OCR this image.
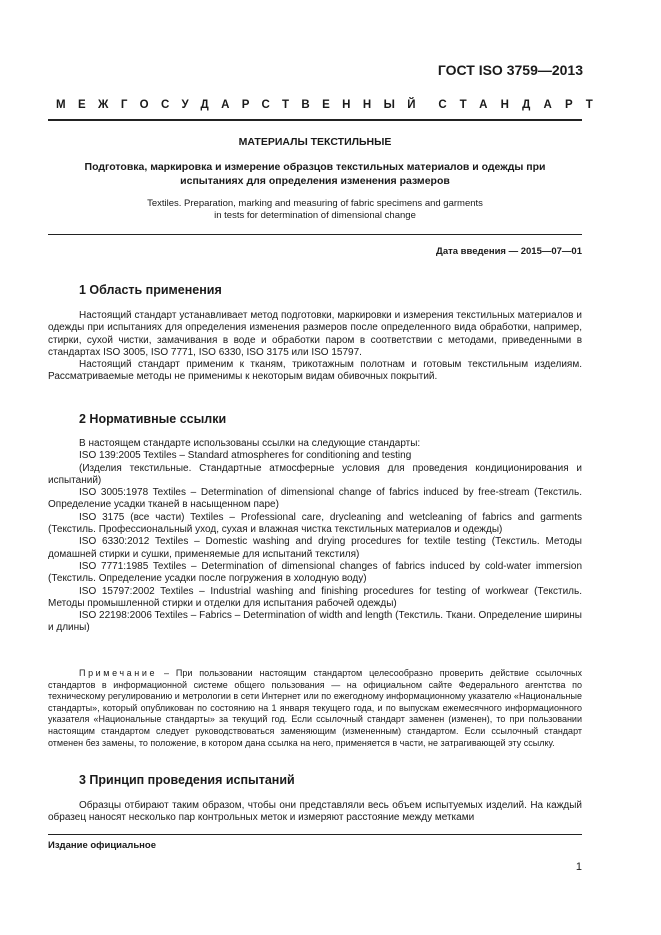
ГОСТ ISO 3759—2013
МЕЖГОСУДАРСТВЕННЫЙ СТАНДАРТ
МАТЕРИАЛЫ ТЕКСТИЛЬНЫЕ
Подготовка, маркировка и измерение образцов текстильных материалов и одежды при
испытаниях для определения изменения размеров
Textiles. Preparation, marking and measuring of fabric specimens and garments
in tests for determination of dimensional change
Дата введения — 2015—07—01
1 Область применения

Настоящий стандарт устанавливает метод подготовки, маркировки и измерения текстильных материалов и одежды при испытаниях для определения изменения размеров после определенного вида обработки, например, стирки, сухой чистки, замачивания в воде и обработки паром в соответствии с методами, приведенными в стандартах ISO 3005, ISO 7771, ISO 6330, ISO 3175 или ISO 15797.

Настоящий стандарт применим к тканям, трикотажным полотнам и готовым текстильным изделиям. Рассматриваемые методы не применимы к некоторым видам обивочных покрытий.

2 Нормативные ссылки

В настоящем стандарте использованы ссылки на следующие стандарты:

ISO 139:2005 Textiles – Standard atmospheres for conditioning and testing

(Изделия текстильные. Стандартные атмосферные условия для проведения кондиционирования и испытаний)

ISO 3005:1978 Textiles – Determination of dimensional change of fabrics induced by free-stream (Текстиль. Определение усадки тканей в насыщенном паре)

ISO 3175 (все части) Textiles – Professional care, drycleaning and wetcleaning of fabrics and garments (Текстиль. Профессиональный уход, сухая и влажная чистка текстильных материалов и одежды)

ISO 6330:2012 Textiles – Domestic washing and drying procedures for textile testing (Текстиль. Методы домашней стирки и сушки, применяемые для испытаний текстиля)

ISO 7771:1985 Textiles – Determination of dimensional changes of fabrics induced by cold-water immersion (Текстиль. Определение усадки после погружения в холодную воду)

ISO 15797:2002 Textiles – Industrial washing and finishing procedures for testing of workwear (Текстиль. Методы промышленной стирки и отделки для испытания рабочей одежды)

ISO 22198:2006 Textiles – Fabrics – Determination of width and length (Текстиль. Ткани. Определение ширины и длины)

Примечание – При пользовании настоящим стандартом целесообразно проверить действие ссылочных стандартов в информационной системе общего пользования — на официальном сайте Федерального агентства по техническому регулированию и метрологии в сети Интернет или по ежегодному информационному указателю «Национальные стандарты», который опубликован по состоянию на 1 января текущего года, и по выпускам ежемесячного информационного указателя «Национальные стандарты» за текущий год. Если ссылочный стандарт заменен (изменен), то при пользовании настоящим стандартом следует руководствоваться заменяющим (измененным) стандартом. Если ссылочный стандарт отменен без замены, то положение, в котором дана ссылка на него, применяется в части, не затрагивающей эту ссылку.

3 Принцип проведения испытаний

Образцы отбирают таким образом, чтобы они представляли весь объем испытуемых изделий. На каждый образец наносят несколько пар контрольных меток и измеряют расстояние между метками

Издание официальное
1
